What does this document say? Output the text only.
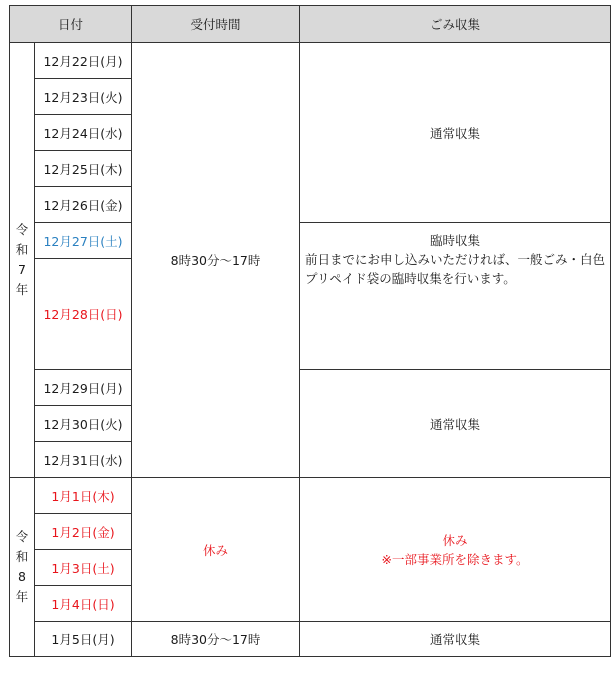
日付		受付時間	ごみ収集

令
和
7
年	12月22日(月)	8時30分～17時	通常収集
	12月23日(火)		
	12月24日(水)		
	12月25日(木)		
	12月26日(金)		
	12月27日(土)		臨時収集

前日までにお申し込みいただければ、一般ごみ・白色プリペイド袋の臨時収集を行います。

	12月28日(日)		
	12月29日(月)		通常収集
	12月30日(火)		
	12月31日(水)		

令
和
8
年	1月1日(木)	休み	休み
※一部事業所を除きます。
	1月2日(金)		
	1月3日(土)		
	1月4日(日)		
	1月5日(月)	8時30分～17時	通常収集
